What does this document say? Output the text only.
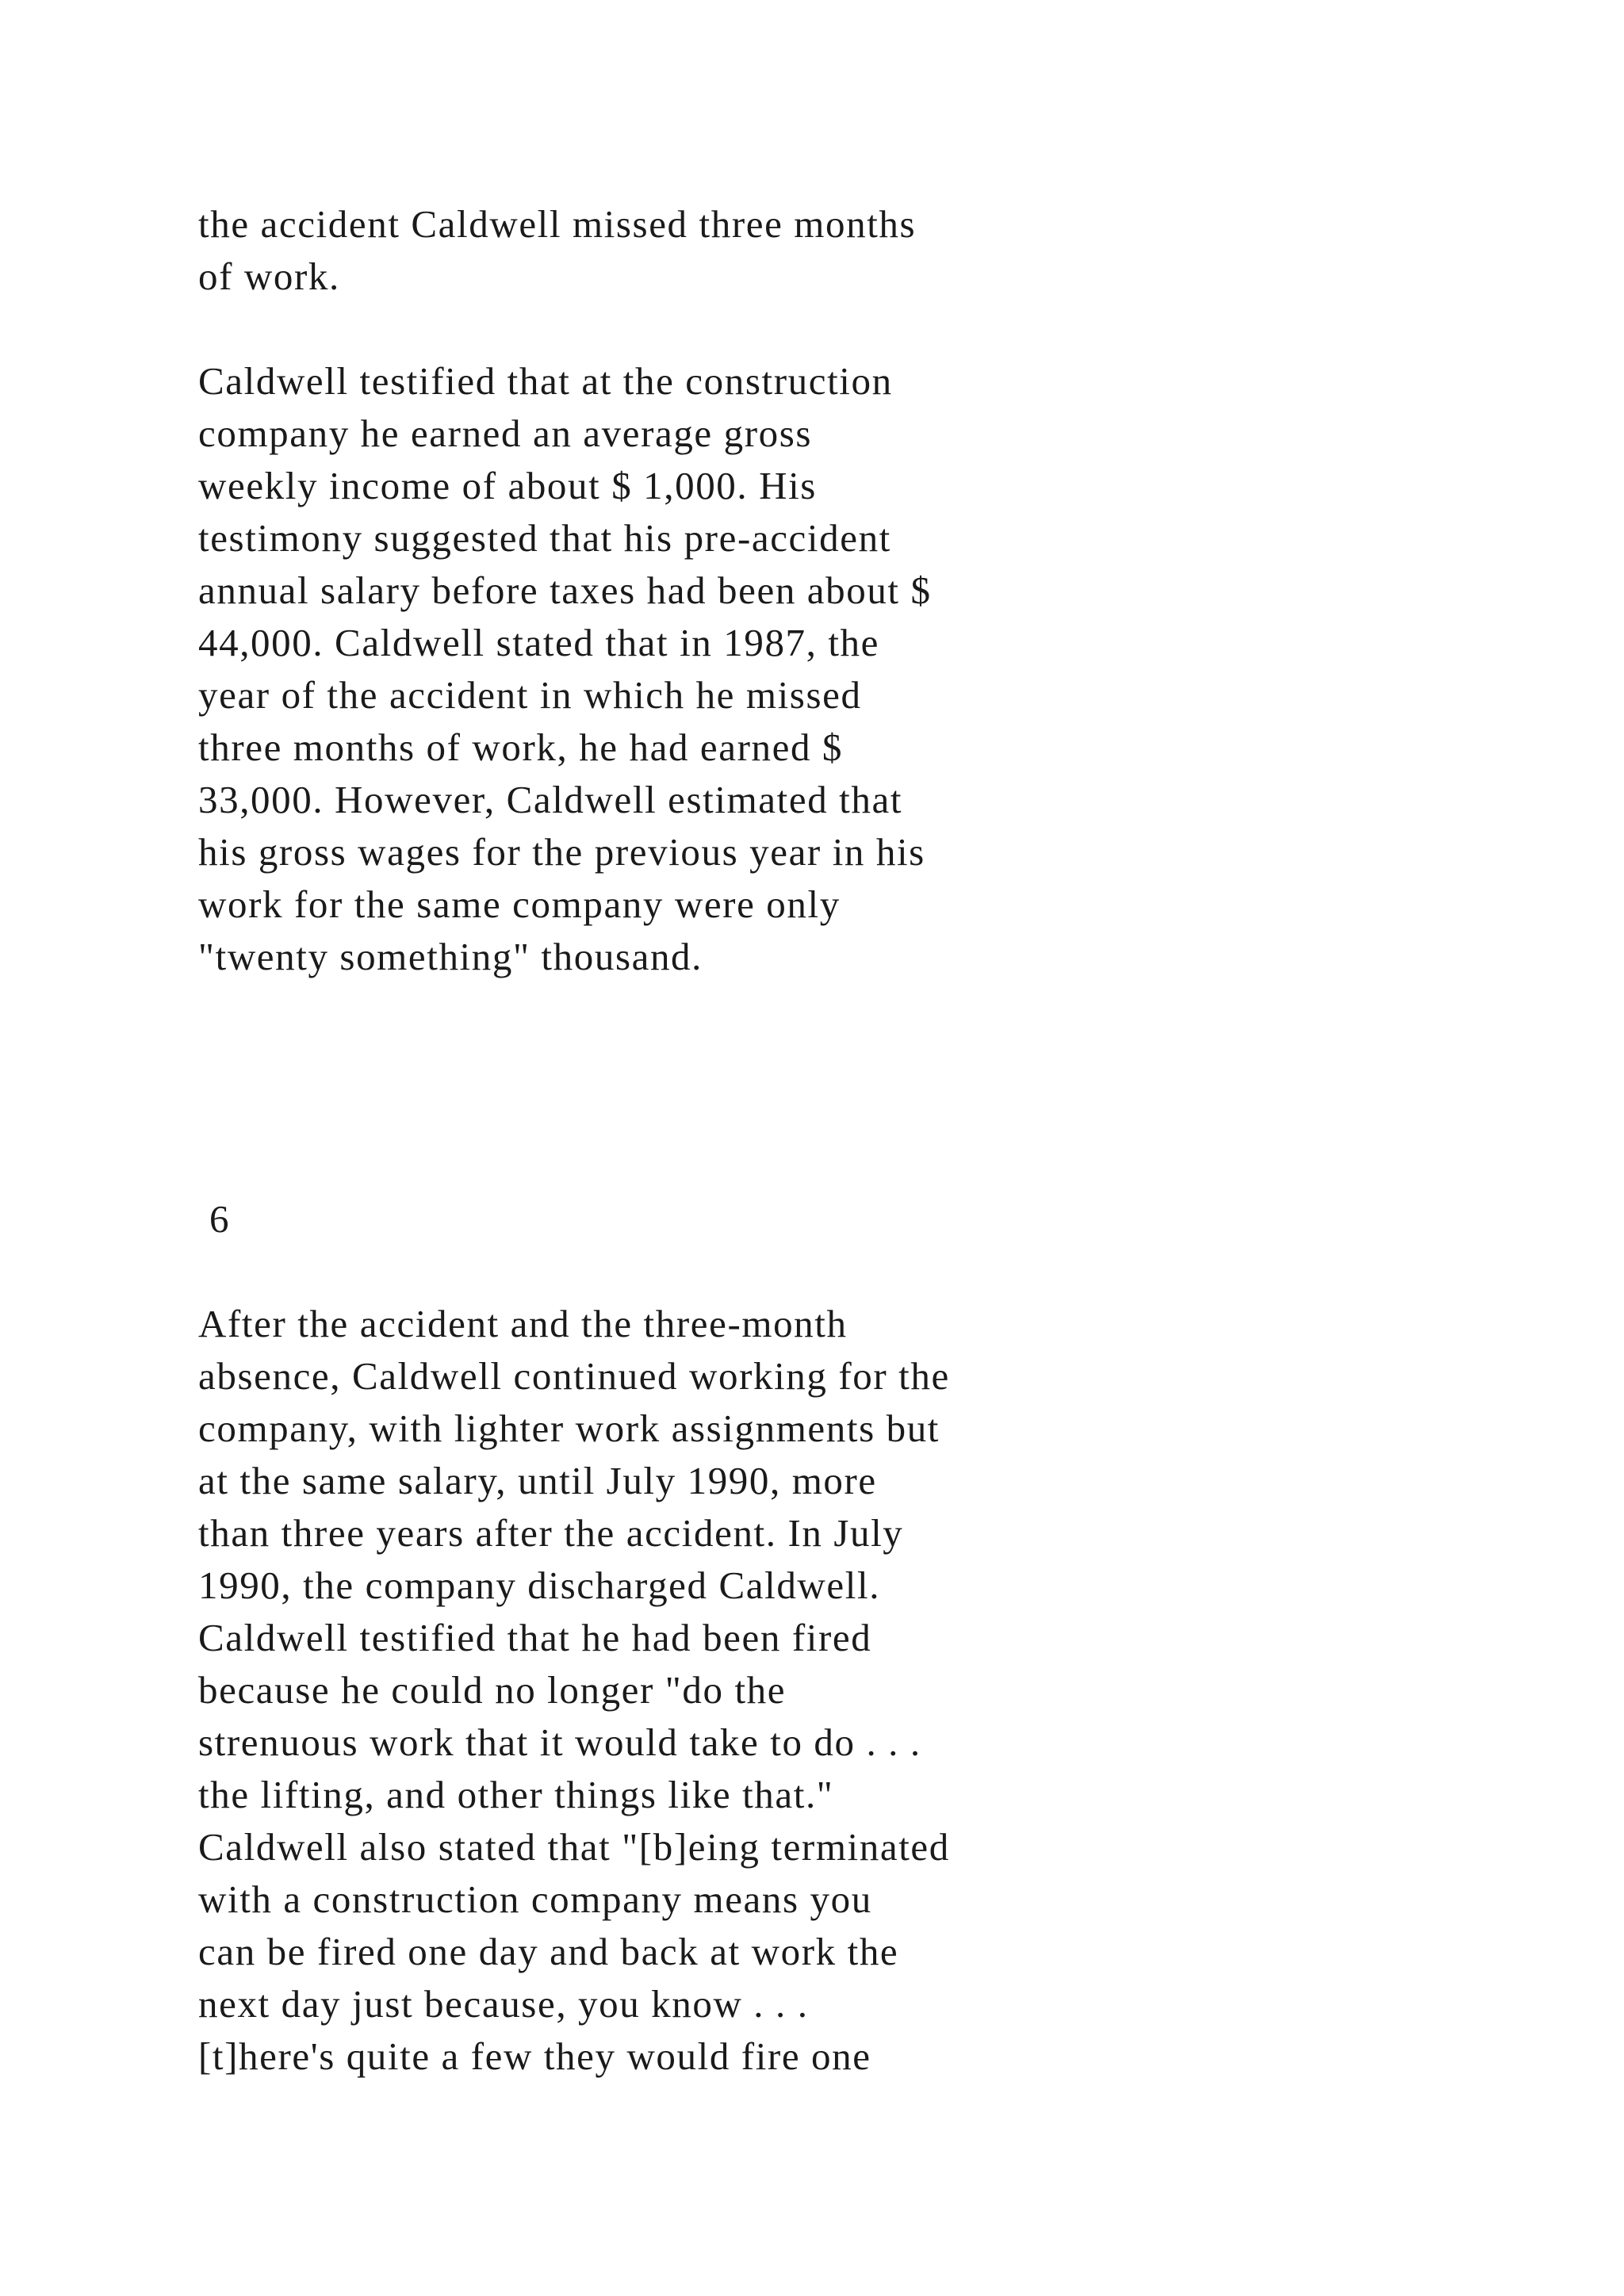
the accident Caldwell missed three months
of work.
Caldwell testified that at the construction
company he earned an average gross
weekly income of about $ 1,000. His
testimony suggested that his pre-accident
annual salary before taxes had been about $
44,000. Caldwell stated that in 1987, the
year of the accident in which he missed
three months of work, he had earned $
33,000. However, Caldwell estimated that
his gross wages for the previous year in his
work for the same company were only
"twenty something" thousand.
6
After the accident and the three-month
absence, Caldwell continued working for the
company, with lighter work assignments but
at the same salary, until July 1990, more
than three years after the accident. In July
1990, the company discharged Caldwell.
Caldwell testified that he had been fired
because he could no longer "do the
strenuous work that it would take to do . . .
the lifting, and other things like that."
Caldwell also stated that "[b]eing terminated
with a construction company means you
can be fired one day and back at work the
next day just because, you know . . .
[t]here's quite a few they would fire one
